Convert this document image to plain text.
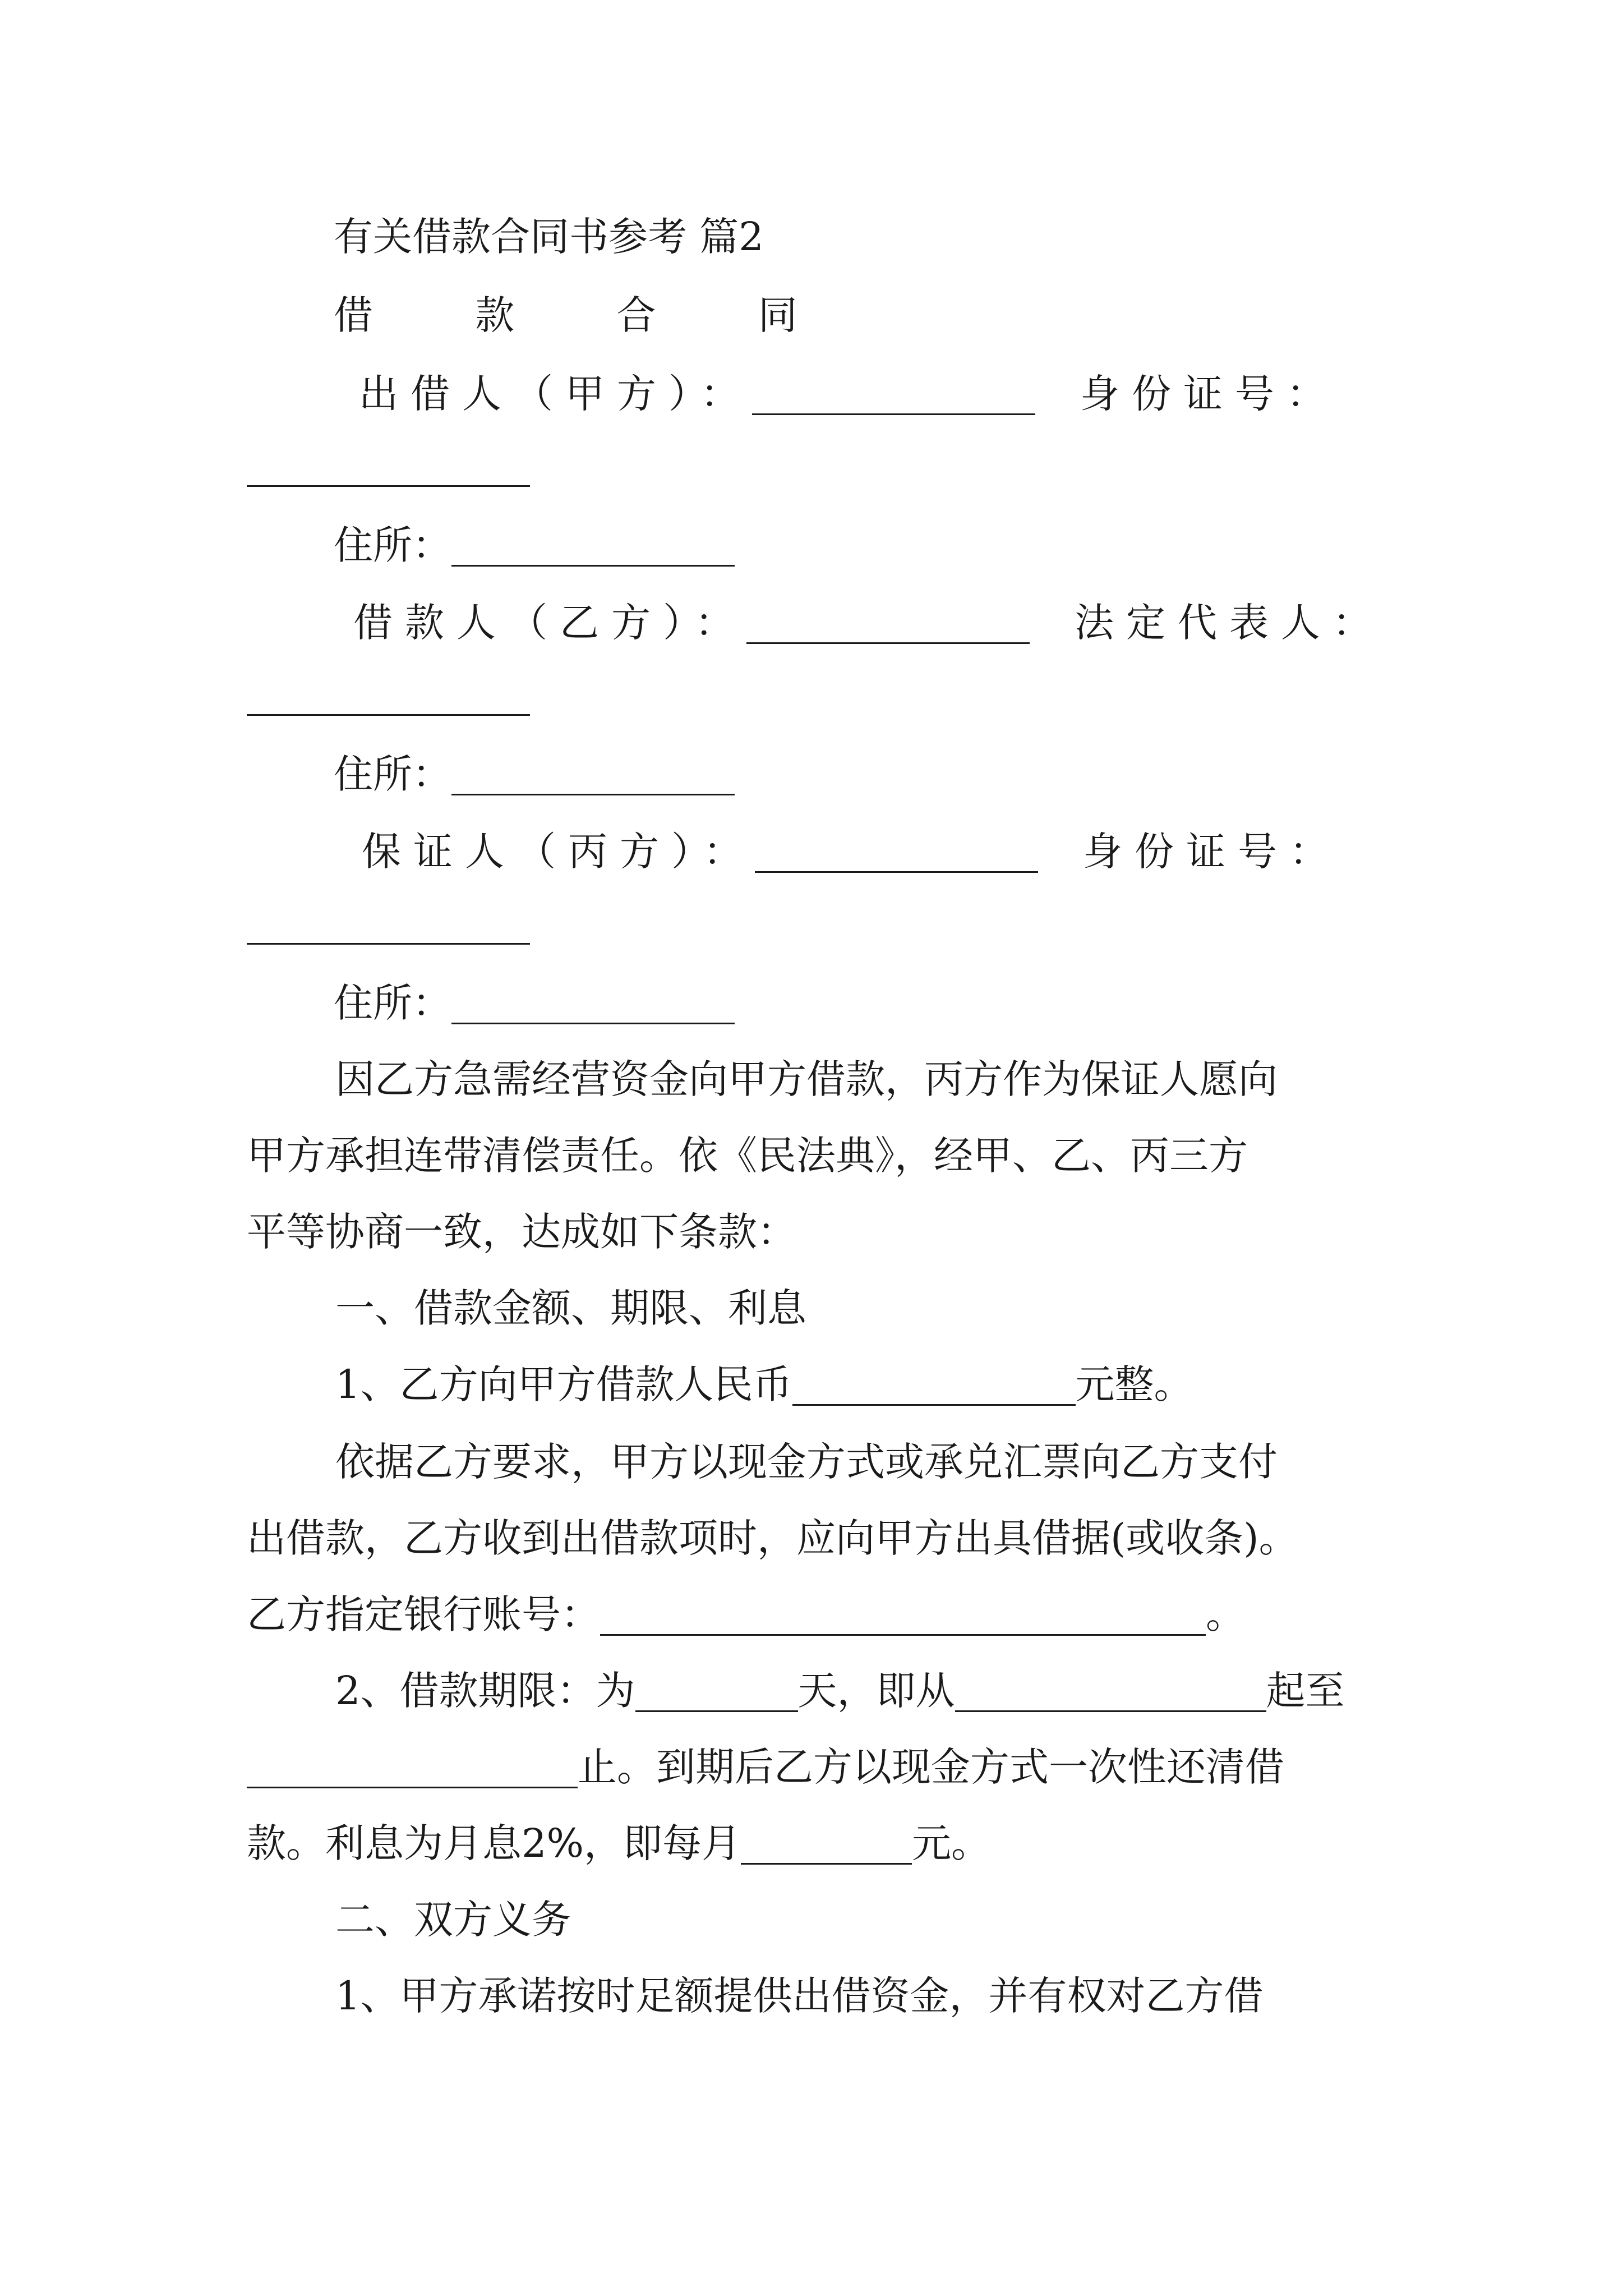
有关借款合同书参考 篇2

借 款 合 同

出借人（甲方）：	身份证号：
住所：
借款人（乙方）：	法定代表人：
住所：
保证人（丙方）：	身份证号：
住所：

因乙方急需经营资金向甲方借款，丙方作为保证人愿向

甲方承担连带清偿责任。依《民法典》，经甲、乙、丙三方

平等协商一致，达成如下条款：

一、借款金额、期限、利息

1、乙方向甲方借款人民币	元整。

依据乙方要求，甲方以现金方式或承兑汇票向乙方支付

出借款，乙方收到出借款项时，应向甲方出具借据(或收条)。

乙方指定银行账号：	。
2、借款期限：为	天，即从	起至
止。到期后乙方以现金方式一次性还清借
款。利息为月息2%，即每月	元。

二、双方义务

1、甲方承诺按时足额提供出借资金，并有权对乙方借
